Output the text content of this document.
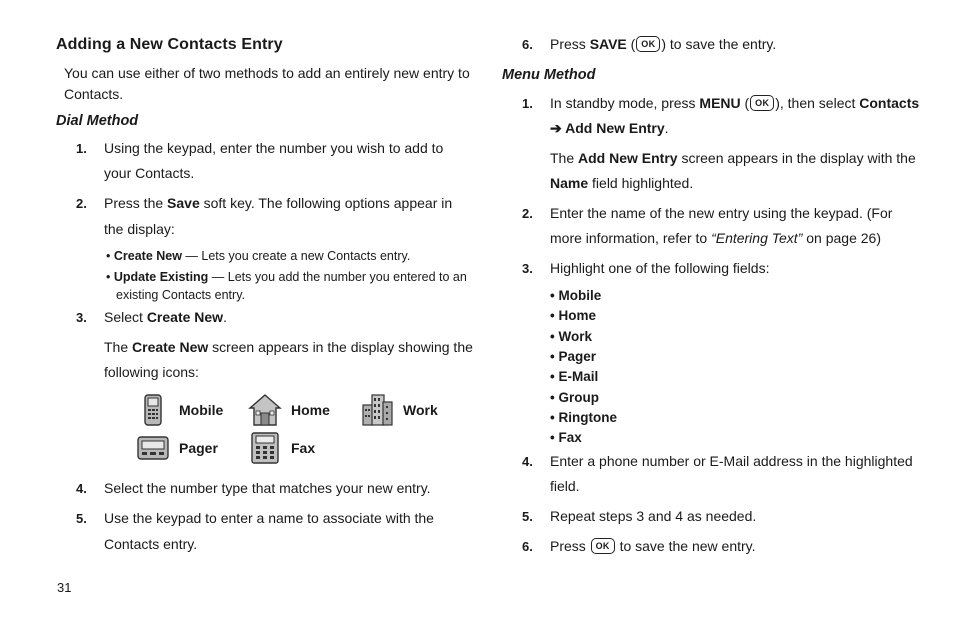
Adding a New Contacts Entry
You can use either of two methods to add an entirely new entry to
Contacts.
Dial Method
1. Using the keypad, enter the number you wish to add to
your Contacts.
2. Press the Save soft key. The following options appear in
the display:
• Create New — Lets you create a new Contacts entry.
• Update Existing — Lets you add the number you entered to an
existing Contacts entry.
3. Select Create New.
The Create New screen appears in the display showing the
following icons:
Mobile	Home	Work
Pager	Fax
4. Select the number type that matches your new entry.
5. Use the keypad to enter a name to associate with the
Contacts entry.
31
6. Press SAVE ( OK ) to save the entry.
Menu Method
1. In standby mode, press MENU ( OK ), then select Contacts
➔ Add New Entry.
The Add New Entry screen appears in the display with the
Name field highlighted.
2. Enter the name of the new entry using the keypad. (For
more information, refer to “Entering Text” on page 26)
3. Highlight one of the following fields:
• Mobile
• Home
• Work
• Pager
• E-Mail
• Group
• Ringtone
• Fax
4. Enter a phone number or E-Mail address in the highlighted
field.
5. Repeat steps 3 and 4 as needed.
6. Press OK to save the new entry.
